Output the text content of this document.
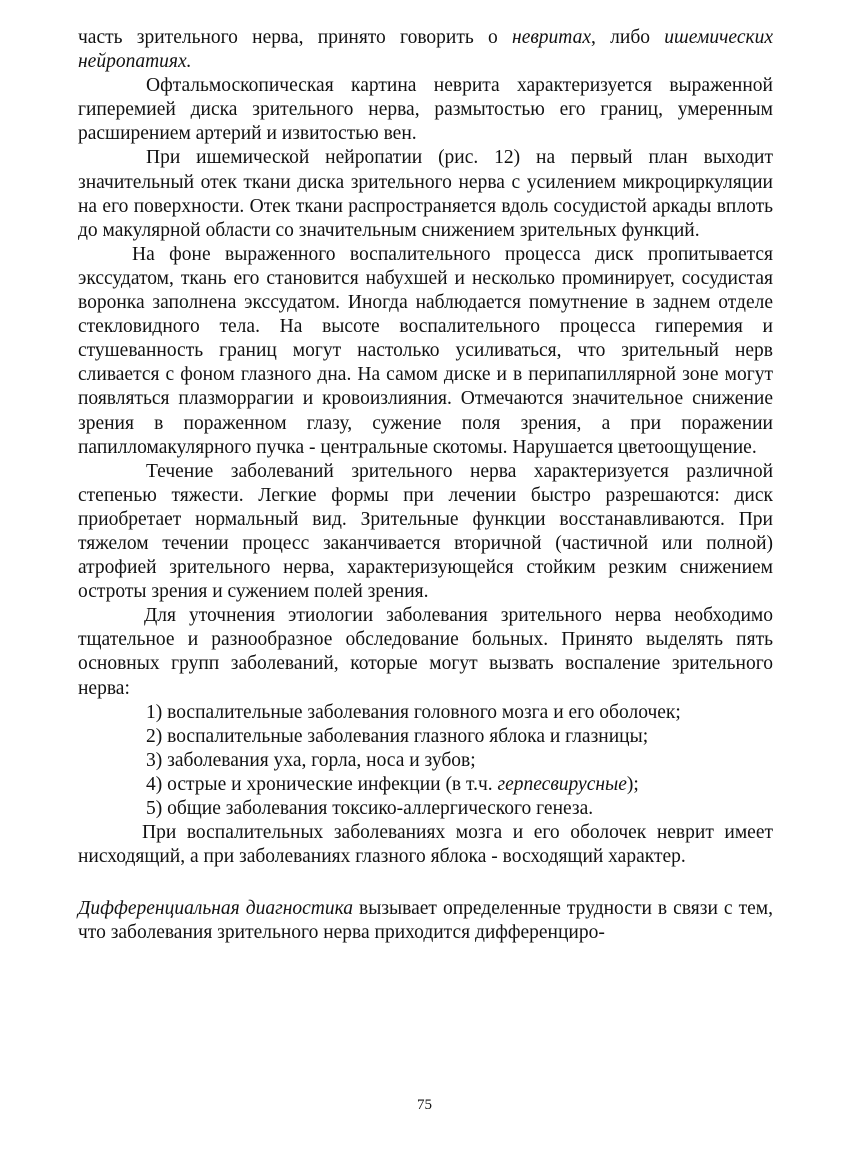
часть зрительного нерва, принято говорить о невритах, либо ишемических нейропатиях.

Офтальмоскопическая картина неврита характеризуется выраженной гиперемией диска зрительного нерва, размытостью его границ, умеренным расширением артерий и извитостью вен.

При ишемической нейропатии (рис. 12) на первый план выходит значительный отек ткани диска зрительного нерва с усилением микроциркуляции на его поверхности. Отек ткани распространяется вдоль сосудистой аркады вплоть до макулярной области со значительным снижением зрительных функций.

На фоне выраженного воспалительного процесса диск пропитывается экссудатом, ткань его становится набухшей и несколько проминирует, сосудистая воронка заполнена экссудатом. Иногда наблюдается помутнение в заднем отделе стекловидного тела. На высоте воспалительного процесса гиперемия и стушеванность границ могут настолько усиливаться, что зрительный нерв сливается с фоном глазного дна. На самом диске и в перипапиллярной зоне могут появляться плазморрагии и кровоизлияния. Отмечаются значительное снижение зрения в пораженном глазу, сужение поля зрения, а при поражении папилломакулярного пучка - центральные скотомы. Нарушается цветоощущение.

Течение заболеваний зрительного нерва характеризуется различной степенью тяжести. Легкие формы при лечении быстро разрешаются: диск приобретает нормальный вид. Зрительные функции восстанавливаются. При тяжелом течении процесс заканчивается вторичной (частичной или полной) атрофией зрительного нерва, характеризующейся стойким резким снижением остроты зрения и сужением полей зрения.

Для уточнения этиологии заболевания зрительного нерва необходимо тщательное и разнообразное обследование больных. Принято выделять пять основных групп заболеваний, которые могут вызвать воспаление зрительного нерва:

1) воспалительные заболевания головного мозга и его оболочек;
2) воспалительные заболевания глазного яблока и глазницы;
3) заболевания уха, горла, носа и зубов;
4) острые и хронические инфекции (в т.ч. герпесвирусные);
5) общие заболевания токсико-аллергического генеза.

При воспалительных заболеваниях мозга и его оболочек неврит имеет нисходящий, а при заболеваниях глазного яблока - восходящий характер.

Дифференциальная диагностика вызывает определенные трудности в связи с тем, что заболевания зрительного нерва приходится дифференциро-

75
